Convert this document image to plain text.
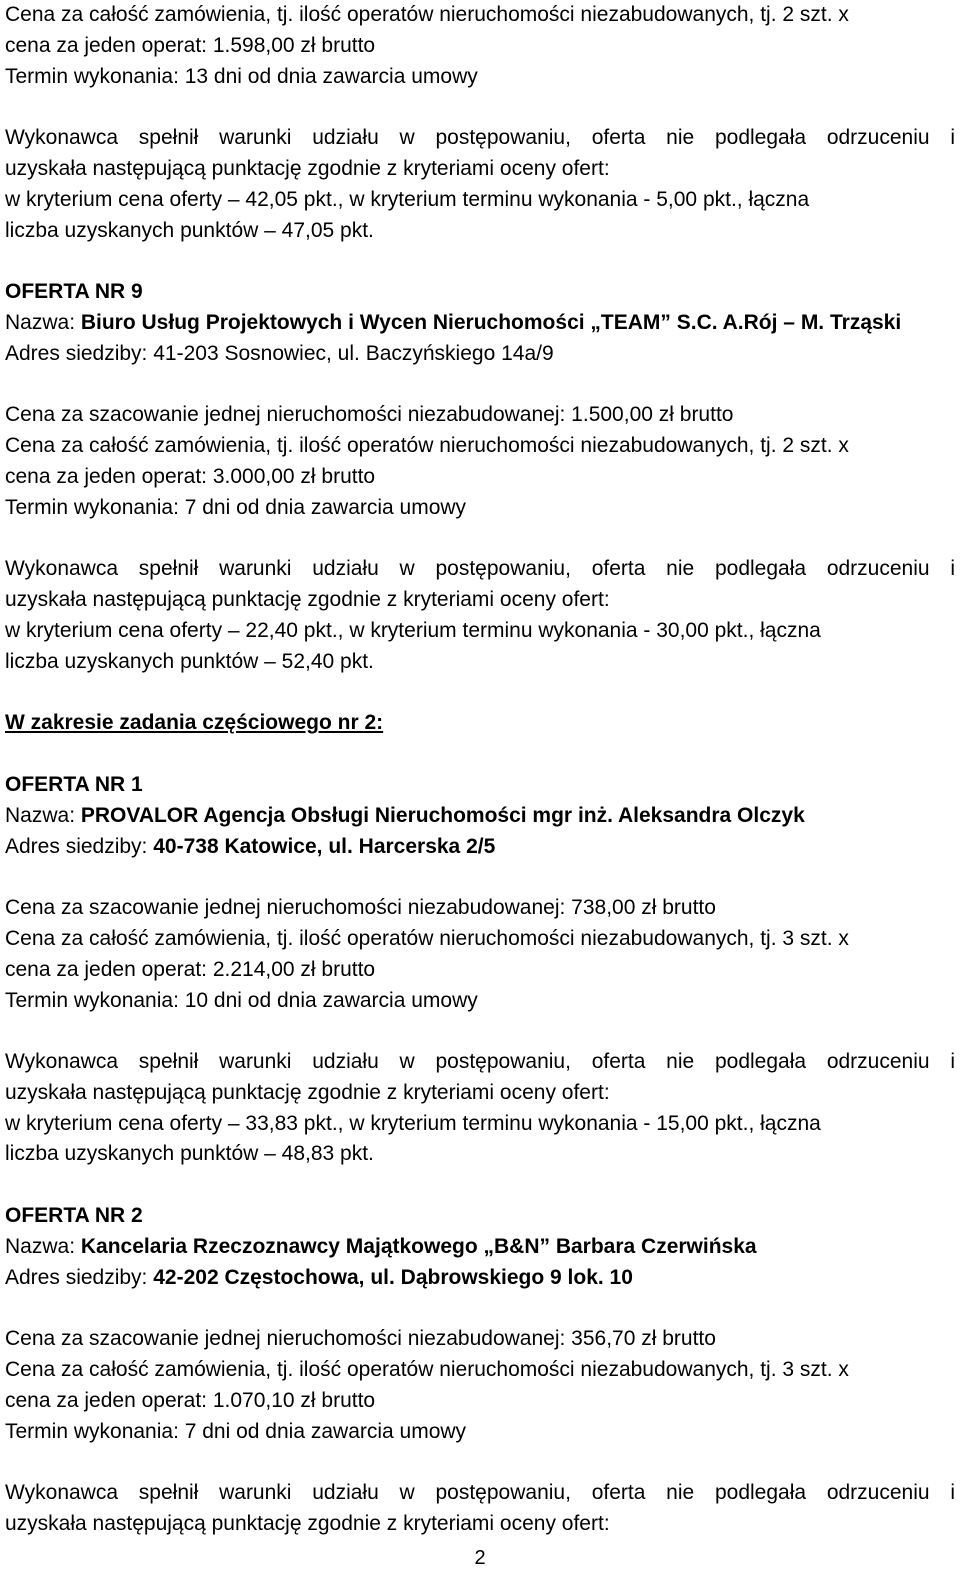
Cena za całość zamówienia, tj. ilość operatów nieruchomości niezabudowanych, tj. 2 szt. x
cena za jeden operat: 1.598,00 zł brutto
Termin wykonania: 13 dni od dnia zawarcia umowy
Wykonawca spełnił warunki udziału w postępowaniu, oferta nie podlegała odrzuceniu i
uzyskała następującą punktację zgodnie z kryteriami oceny ofert:
w kryterium cena oferty – 42,05 pkt., w kryterium terminu wykonania - 5,00 pkt., łączna
liczba uzyskanych punktów – 47,05 pkt.
OFERTA NR 9
Nazwa: Biuro Usług Projektowych i Wycen Nieruchomości „TEAM” S.C. A.Rój – M. Trząski
Adres siedziby: 41-203 Sosnowiec, ul. Baczyńskiego 14a/9
Cena za szacowanie jednej nieruchomości niezabudowanej: 1.500,00 zł brutto
Cena za całość zamówienia, tj. ilość operatów nieruchomości niezabudowanych, tj. 2 szt. x
cena za jeden operat: 3.000,00 zł brutto
Termin wykonania: 7 dni od dnia zawarcia umowy
Wykonawca spełnił warunki udziału w postępowaniu, oferta nie podlegała odrzuceniu i
uzyskała następującą punktację zgodnie z kryteriami oceny ofert:
w kryterium cena oferty – 22,40 pkt., w kryterium terminu wykonania - 30,00 pkt., łączna
liczba uzyskanych punktów – 52,40 pkt.
W zakresie zadania częściowego nr 2:
OFERTA NR 1
Nazwa: PROVALOR Agencja Obsługi Nieruchomości mgr inż. Aleksandra Olczyk
Adres siedziby: 40-738 Katowice, ul. Harcerska 2/5
Cena za szacowanie jednej nieruchomości niezabudowanej: 738,00 zł brutto
Cena za całość zamówienia, tj. ilość operatów nieruchomości niezabudowanych, tj. 3 szt. x
cena za jeden operat: 2.214,00 zł brutto
Termin wykonania: 10 dni od dnia zawarcia umowy
Wykonawca spełnił warunki udziału w postępowaniu, oferta nie podlegała odrzuceniu i
uzyskała następującą punktację zgodnie z kryteriami oceny ofert:
w kryterium cena oferty – 33,83 pkt., w kryterium terminu wykonania - 15,00 pkt., łączna
liczba uzyskanych punktów – 48,83 pkt.
OFERTA NR 2
Nazwa: Kancelaria Rzeczoznawcy Majątkowego „B&N” Barbara Czerwińska
Adres siedziby: 42-202 Częstochowa, ul. Dąbrowskiego 9 lok. 10
Cena za szacowanie jednej nieruchomości niezabudowanej: 356,70 zł brutto
Cena za całość zamówienia, tj. ilość operatów nieruchomości niezabudowanych, tj. 3 szt. x
cena za jeden operat: 1.070,10 zł brutto
Termin wykonania: 7 dni od dnia zawarcia umowy
Wykonawca spełnił warunki udziału w postępowaniu, oferta nie podlegała odrzuceniu i
uzyskała następującą punktację zgodnie z kryteriami oceny ofert:
2
